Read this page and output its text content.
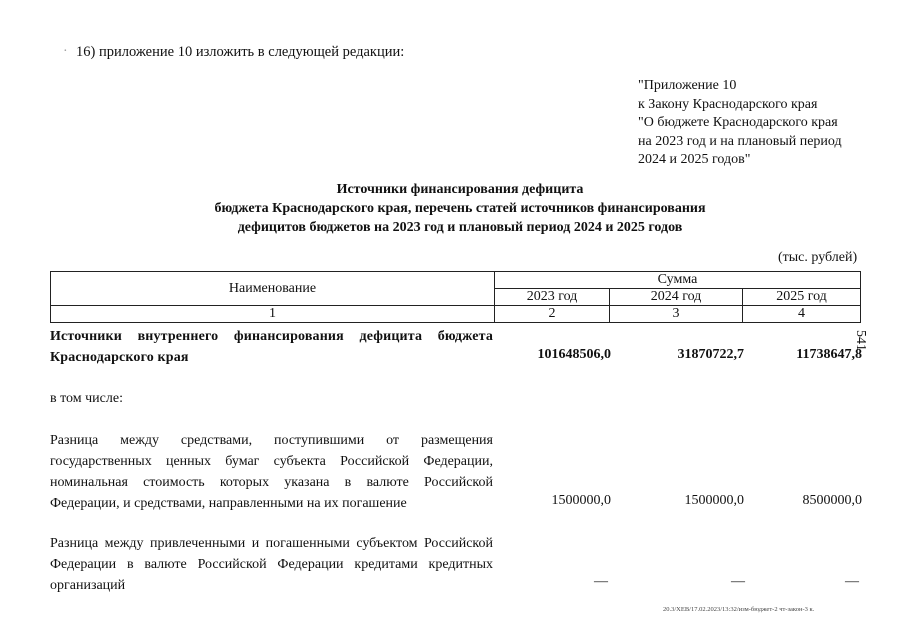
· 16) приложение 10 изложить в следующей редакции:
"Приложение 10
к Закону Краснодарского края
"О бюджете Краснодарского края
на 2023 год и на плановый период
2024 и 2025 годов"
Источники финансирования дефицита
бюджета Краснодарского края, перечень статей источников финансирования
дефицитов бюджетов на 2023 год и плановый период 2024 и 2025 годов
(тыс. рублей)
541
Наименование	Сумма		
	2023 год	2024 год	2025 год
1	2	3	4
Источники внутреннего финансирования дефицита бюджета Краснодарского края	101648506,0	31870722,7	11738647,8
в том числе:
Разница между средствами, поступившими от размещения государственных ценных бумаг субъекта Российской Федерации, номинальная стоимость которых указана в валюте Российской Федерации, и средствами, направленными на их погашение	1500000,0	1500000,0	8500000,0
Разница между привлеченными и погашенными субъектом Российской Федерации в валюте Российской Федерации кредитами кредитных организаций	—	—	—
20.3/ХЕВ/17.02.2023/13:32/изм-бюджет-2 чт-закон-3 к.
